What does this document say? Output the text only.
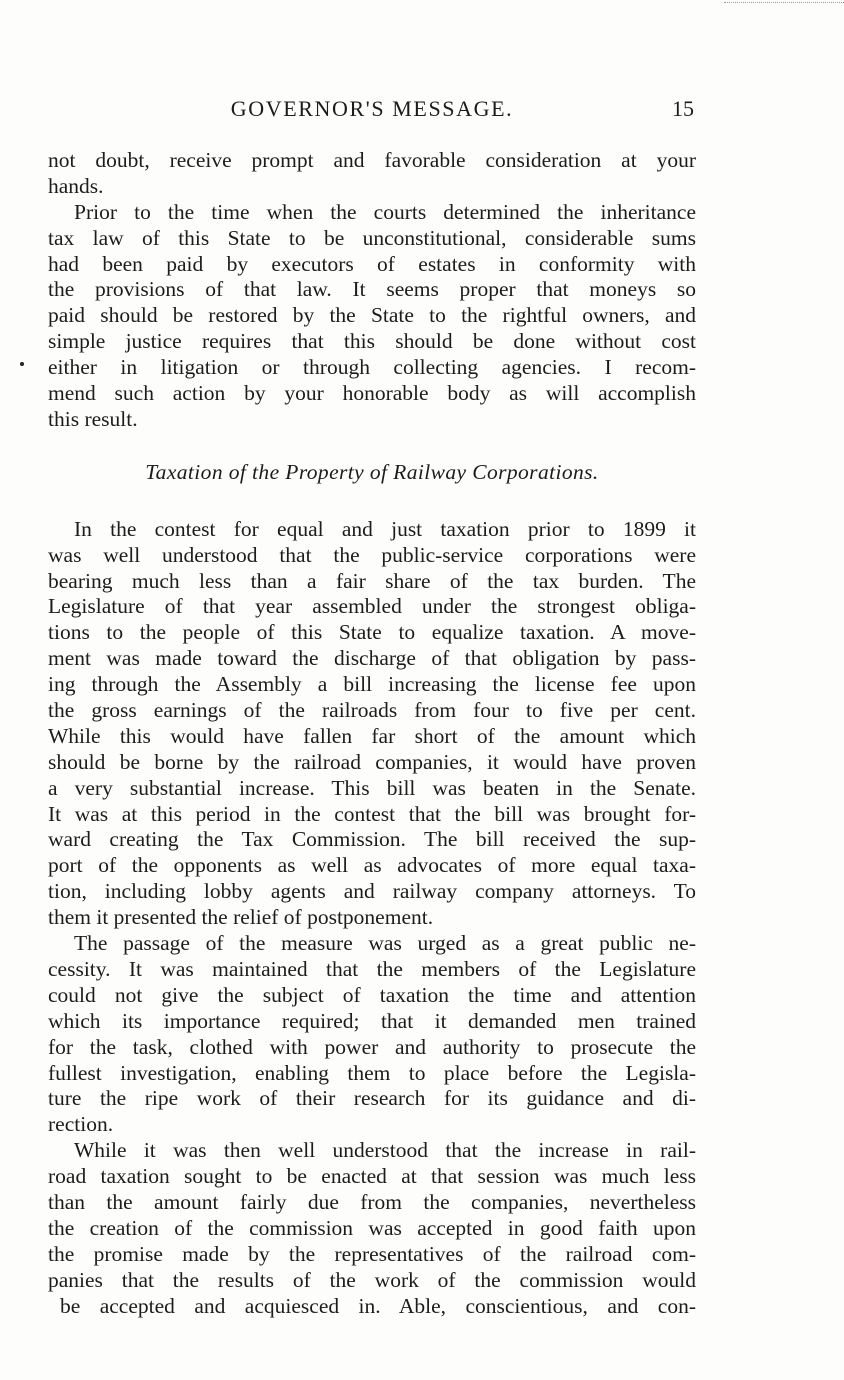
GOVERNOR'S MESSAGE.	15
not doubt, receive prompt and favorable consideration at your
hands.
Prior to the time when the courts determined the inheritance
tax law of this State to be unconstitutional, considerable sums
had been paid by executors of estates in conformity with
the provisions of that law. It seems proper that moneys so
paid should be restored by the State to the rightful owners, and
simple justice requires that this should be done without cost
either in litigation or through collecting agencies. I recom-
mend such action by your honorable body as will accomplish
this result.
Taxation of the Property of Railway Corporations.
In the contest for equal and just taxation prior to 1899 it
was well understood that the public-service corporations were
bearing much less than a fair share of the tax burden. The
Legislature of that year assembled under the strongest obliga-
tions to the people of this State to equalize taxation. A move-
ment was made toward the discharge of that obligation by pass-
ing through the Assembly a bill increasing the license fee upon
the gross earnings of the railroads from four to five per cent.
While this would have fallen far short of the amount which
should be borne by the railroad companies, it would have proven
a very substantial increase. This bill was beaten in the Senate.
It was at this period in the contest that the bill was brought for-
ward creating the Tax Commission. The bill received the sup-
port of the opponents as well as advocates of more equal taxa-
tion, including lobby agents and railway company attorneys. To
them it presented the relief of postponement.
The passage of the measure was urged as a great public ne-
cessity. It was maintained that the members of the Legislature
could not give the subject of taxation the time and attention
which its importance required; that it demanded men trained
for the task, clothed with power and authority to prosecute the
fullest investigation, enabling them to place before the Legisla-
ture the ripe work of their research for its guidance and di-
rection.
While it was then well understood that the increase in rail-
road taxation sought to be enacted at that session was much less
than the amount fairly due from the companies, nevertheless
the creation of the commission was accepted in good faith upon
the promise made by the representatives of the railroad com-
panies that the results of the work of the commission would
be accepted and acquiesced in. Able, conscientious, and con-
